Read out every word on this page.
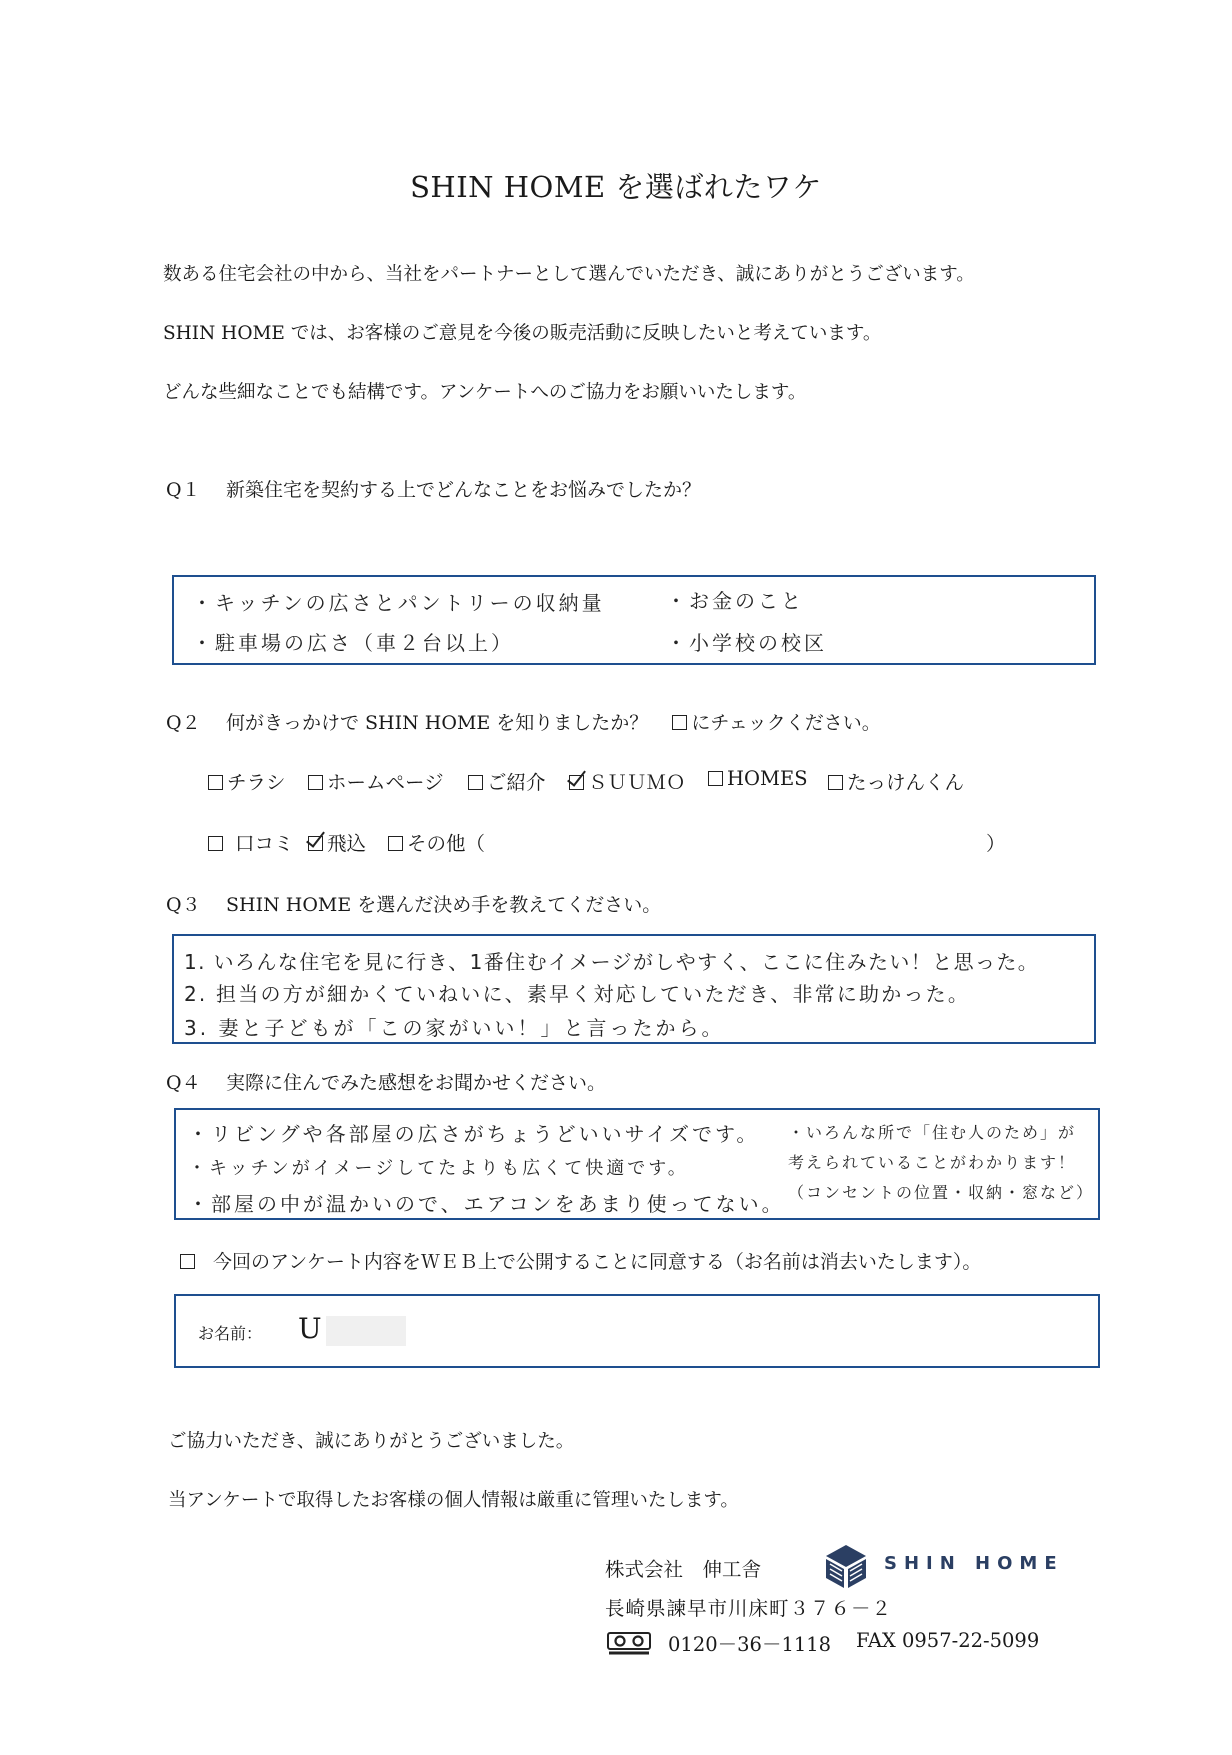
SHIN HOME を選ばれたワケ
数ある住宅会社の中から、当社をパートナーとして選んでいただき、誠にありがとうございます。
SHIN HOME では、お客様のご意見を今後の販売活動に反映したいと考えています。
どんな些細なことでも結構です。アンケートへのご協力をお願いいたします。
Q１ 新築住宅を契約する上でどんなことをお悩みでしたか？
・キッチンの広さとパントリーの収納量	・お金のこと
・駐車場の広さ（車２台以上）	・小学校の校区
Q２ 何がきっかけで SHIN HOME を知りましたか？ にチェックください。
チラシ	ホームページ	ご紹介	ＳＵＵＭＯ	HOMES	たっけんくん
口コミ	飛込	その他（	）
Q３ SHIN HOME を選んだ決め手を教えてください。
1. いろんな住宅を見に行き、1番住むイメージがしやすく、ここに住みたい！と思った。
2. 担当の方が細かくていねいに、素早く対応していただき、非常に助かった。
3. 妻と子どもが「この家がいい！」と言ったから。
Q４ 実際に住んでみた感想をお聞かせください。
・リビングや各部屋の広さがちょうどいいサイズです。
・キッチンがイメージしてたよりも広くて快適です。
・部屋の中が温かいので、エアコンをあまり使ってない。
・いろんな所で「住む人のため」が
考えられていることがわかります！
（コンセントの位置・収納・窓など）
今回のアンケート内容をＷＥＢ上で公開することに同意する（お名前は消去いたします）。
お名前： U
ご協力いただき、誠にありがとうございました。
当アンケートで取得したお客様の個人情報は厳重に管理いたします。
株式会社　伸工舎	SHIN HOME
長崎県諫早市川床町３７６－２
0120－36－1118 FAX 0957-22-5099
